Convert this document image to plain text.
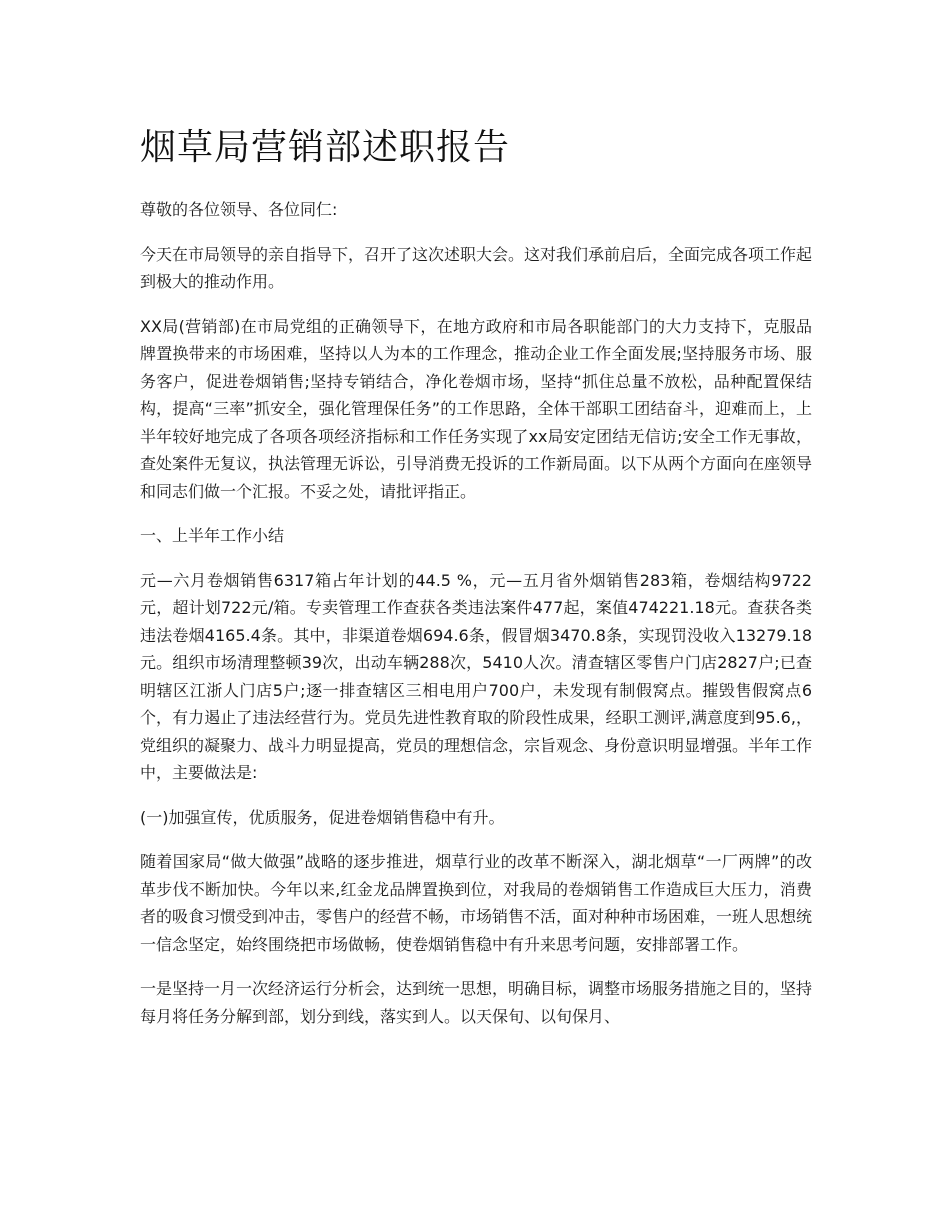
烟草局营销部述职报告

尊敬的各位领导、各位同仁:

今天在市局领导的亲自指导下，召开了这次述职大会。这对我们承前启后，全面完成各项工作起到极大的推动作用。

XX局(营销部)在市局党组的正确领导下，在地方政府和市局各职能部门的大力支持下，克服品牌置换带来的市场困难，坚持以人为本的工作理念，推动企业工作全面发展;坚持服务市场、服务客户，促进卷烟销售;坚持专销结合，净化卷烟市场，坚持“抓住总量不放松，品种配置保结构，提高“三率”抓安全，强化管理保任务”的工作思路，全体干部职工团结奋斗，迎难而上，上半年较好地完成了各项各项经济指标和工作任务实现了xx局安定团结无信访;安全工作无事故，查处案件无复议，执法管理无诉讼，引导消费无投诉的工作新局面。以下从两个方面向在座领导和同志们做一个汇报。不妥之处，请批评指正。

一、上半年工作小结

元—六月卷烟销售6317箱占年计划的44.5 %，元—五月省外烟销售283箱，卷烟结构9722元，超计划722元/箱。专卖管理工作查获各类违法案件477起，案值474221.18元。查获各类违法卷烟4165.4条。其中，非渠道卷烟694.6条，假冒烟3470.8条，实现罚没收入13279.18元。组织市场清理整顿39次，出动车辆288次，5410人次。清查辖区零售户门店2827户;已查明辖区江浙人门店5户;逐一排查辖区三相电用户700户，未发现有制假窝点。摧毁售假窝点6个，有力遏止了违法经营行为。党员先进性教育取的阶段性成果，经职工测评,满意度到95.6,，党组织的凝聚力、战斗力明显提高，党员的理想信念，宗旨观念、身份意识明显增强。半年工作中，主要做法是:

(一)加强宣传，优质服务，促进卷烟销售稳中有升。

随着国家局“做大做强”战略的逐步推进，烟草行业的改革不断深入，湖北烟草“一厂两牌”的改革步伐不断加快。今年以来,红金龙品牌置换到位，对我局的卷烟销售工作造成巨大压力，消费者的吸食习惯受到冲击，零售户的经营不畅，市场销售不活，面对种种市场困难，一班人思想统一信念坚定，始终围绕把市场做畅，使卷烟销售稳中有升来思考问题，安排部署工作。

一是坚持一月一次经济运行分析会，达到统一思想，明确目标，调整市场服务措施之目的，坚持每月将任务分解到部，划分到线，落实到人。以天保旬、以旬保月、
